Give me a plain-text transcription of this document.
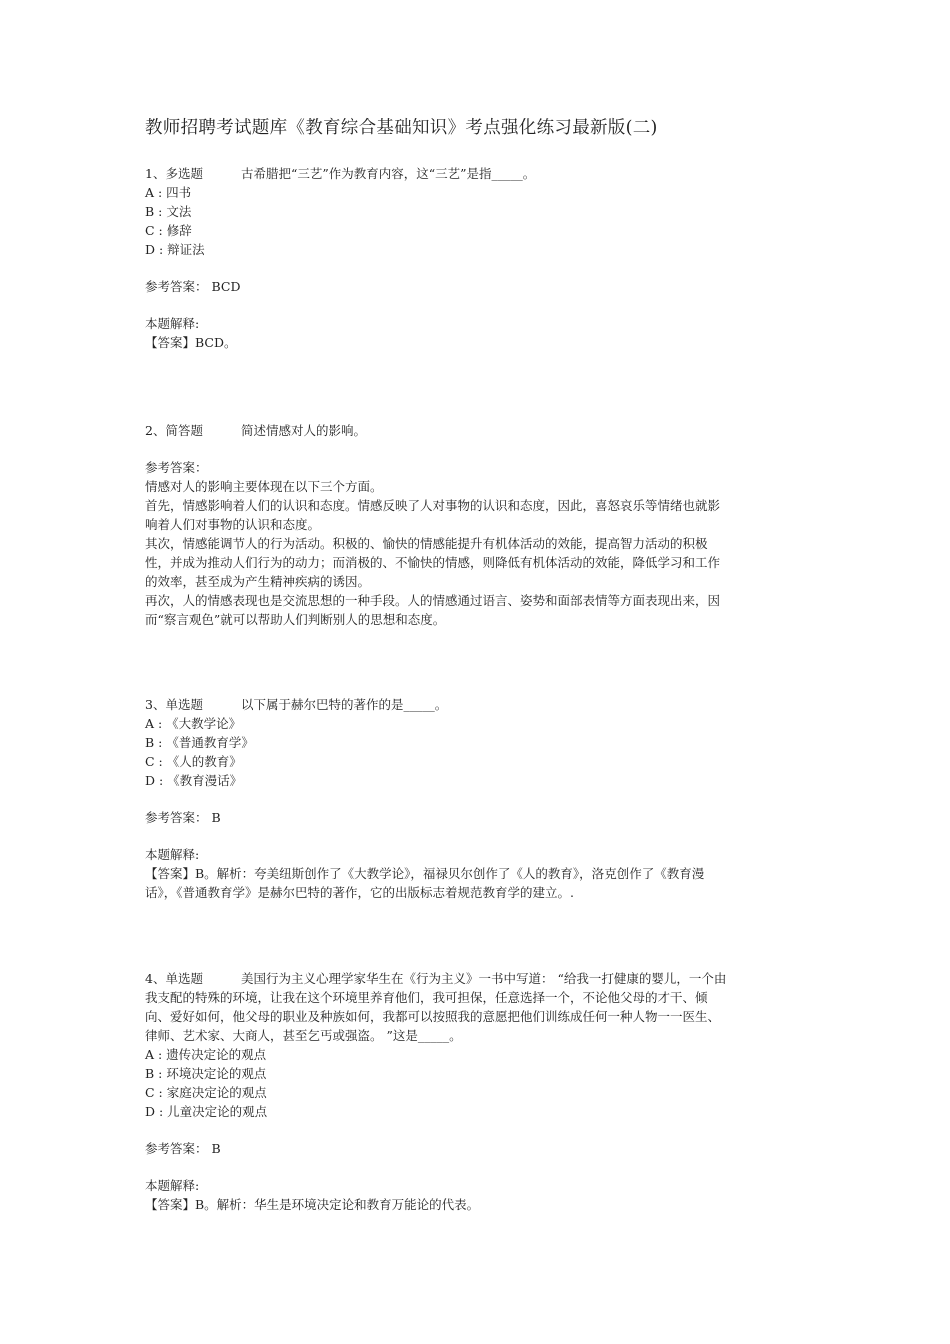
教师招聘考试题库《教育综合基础知识》考点强化练习最新版(二)
1、多选题	古希腊把“三艺”作为教育内容，这“三艺”是指_____。
A : 四书
B : 文法
C : 修辞
D : 辩证法
参考答案： BCD
本题解释:
【答案】BCD。
2、简答题	简述情感对人的影响。
参考答案：
情感对人的影响主要体现在以下三个方面。
首先，情感影响着人们的认识和态度。情感反映了人对事物的认识和态度，因此，喜怒哀乐等情绪也就影
响着人们对事物的认识和态度。
其次，情感能调节人的行为活动。积极的、愉快的情感能提升有机体活动的效能，提高智力活动的积极
性，并成为推动人们行为的动力；而消极的、不愉快的情感，则降低有机体活动的效能，降低学习和工作
的效率，甚至成为产生精神疾病的诱因。
再次，人的情感表现也是交流思想的一种手段。人的情感通过语言、姿势和面部表情等方面表现出来，因
而“察言观色”就可以帮助人们判断别人的思想和态度。
3、单选题	以下属于赫尔巴特的著作的是_____。
A : 《大教学论》
B : 《普通教育学》
C : 《人的教育》
D : 《教育漫话》
参考答案： B
本题解释:
【答案】B。解析：夸美纽斯创作了《大教学论》，福禄贝尔创作了《人的教育》，洛克创作了《教育漫
话》，《普通教育学》是赫尔巴特的著作，它的出版标志着规范教育学的建立。.
4、单选题	美国行为主义心理学家华生在《行为主义》一书中写道： “给我一打健康的婴儿，一个由
我支配的特殊的环境，让我在这个环境里养育他们，我可担保，任意选择一个，不论他父母的才干、倾
向、爱好如何，他父母的职业及种族如何，我都可以按照我的意愿把他们训练成任何一种人物一一医生、
律师、艺术家、大商人，甚至乞丐或强盗。 ”这是_____。
A : 遗传决定论的观点
B : 环境决定论的观点
C : 家庭决定论的观点
D : 儿童决定论的观点
参考答案： B
本题解释:
【答案】B。解析：华生是环境决定论和教育万能论的代表。
